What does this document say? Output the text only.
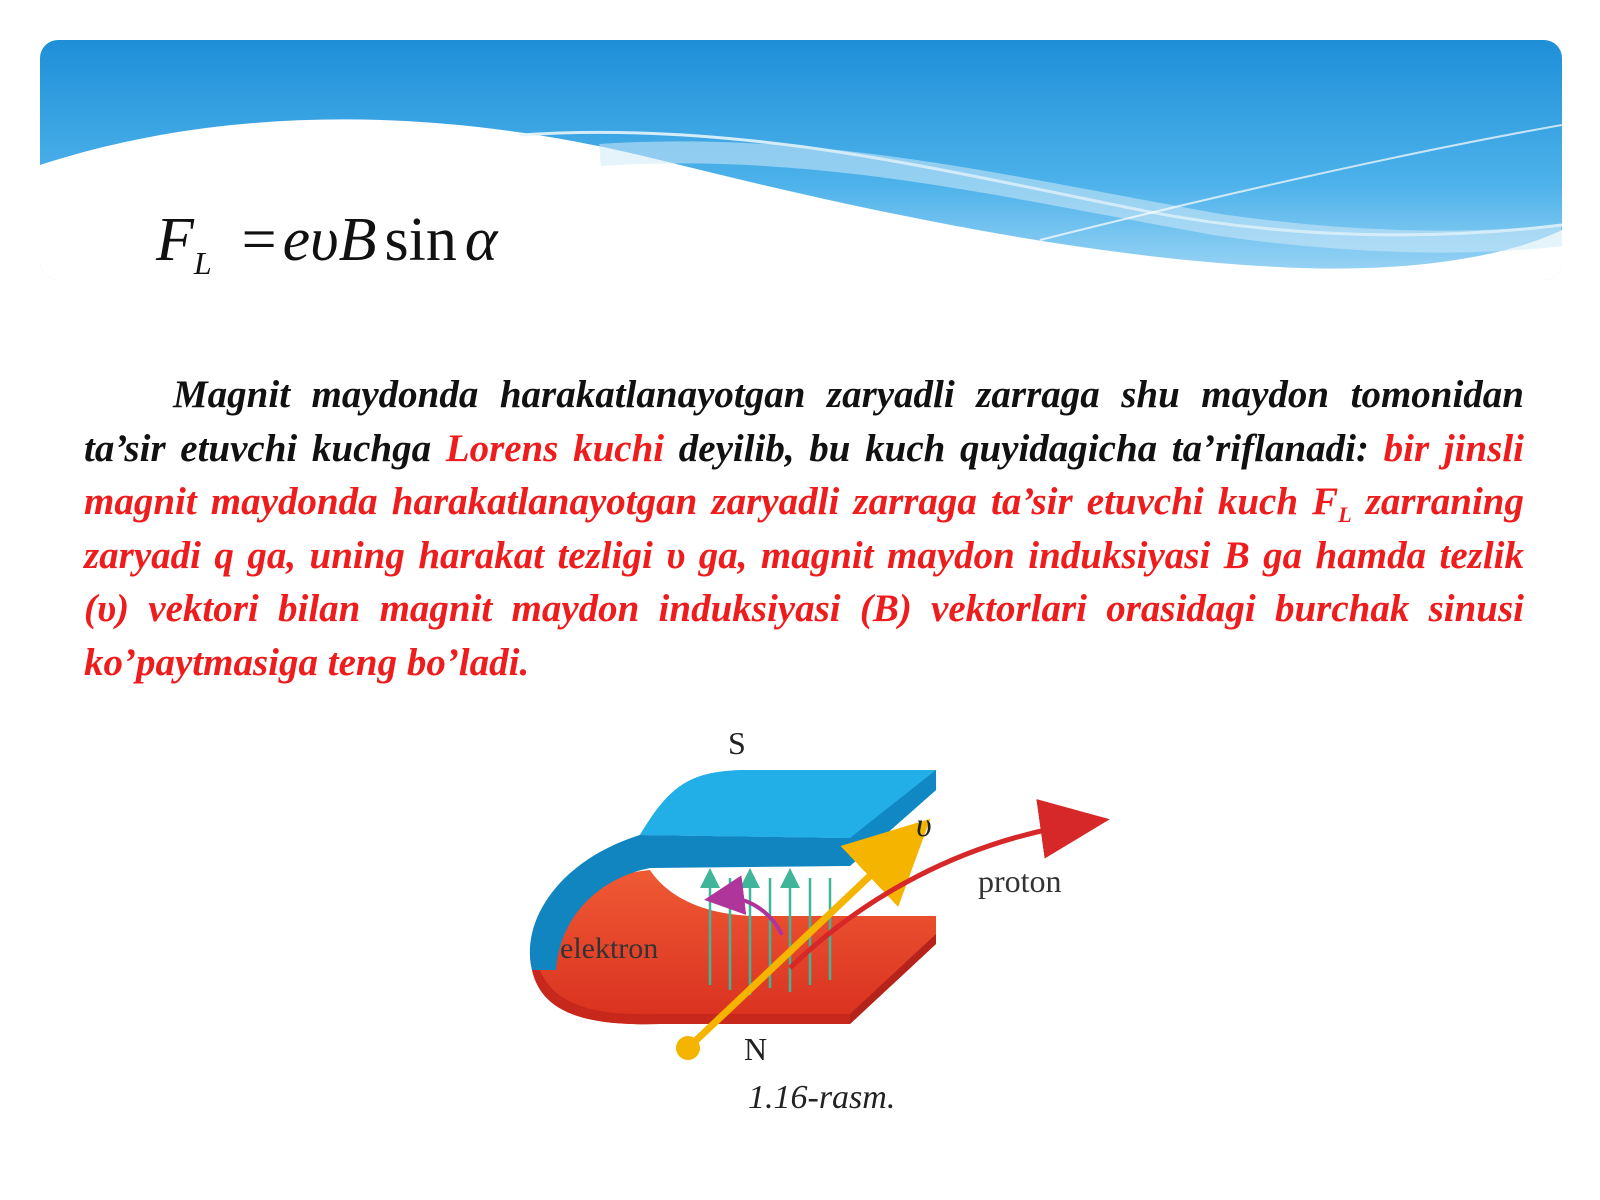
$F_L =e\upsilon B$ sin α
Magnit maydonda harakatlanayotgan zaryadli zarraga shu maydon tomonidan ta’sir etuvchi kuchga Lorens kuchi deyilib, bu kuch quyidagicha ta’riflanadi: bir jinsli magnit maydonda harakatlanayotgan zaryadli zarraga ta’sir etuvchi kuch $F_L$ zarraning zaryadi q ga, uning harakat tezligi υ ga, magnit maydon induksiyasi B ga hamda tezlik (υ) vektori bilan magnit maydon induksiyasi (B) vektorlari orasidagi burchak sinusi ko’paytmasiga teng bo’ladi.
S
N
υ
proton
elektron
1.16-rasm.
